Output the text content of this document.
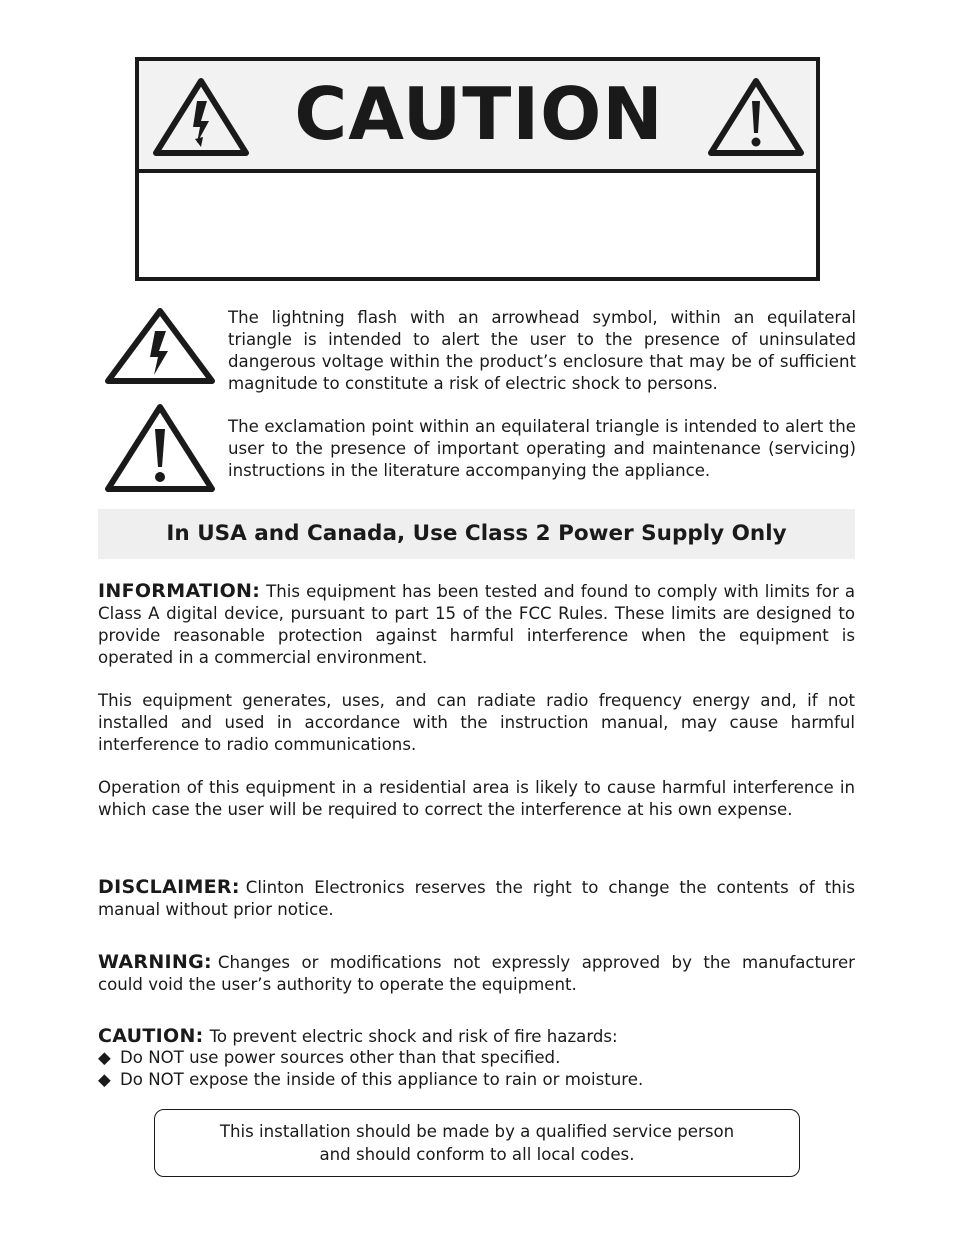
CAUTION
The lightning flash with an arrowhead symbol, within an equilateral triangle is intended to alert the user to the presence of uninsulated dangerous voltage within the product’s enclosure that may be of sufficient magnitude to constitute a risk of electric shock to persons.
The exclamation point within an equilateral triangle is intended to alert the user to the presence of important operating and maintenance (servicing) instructions in the literature accompanying the appliance.
In USA and Canada, Use Class 2 Power Supply Only
INFORMATION: This equipment has been tested and found to comply with limits for a Class A digital device, pursuant to part 15 of the FCC Rules. These limits are designed to provide reasonable protection against harmful interference when the equipment is operated in a commercial environment.
This equipment generates, uses, and can radiate radio frequency energy and, if not installed and used in accordance with the instruction manual, may cause harmful interference to radio communications.
Operation of this equipment in a residential area is likely to cause harmful interference in which case the user will be required to correct the interference at his own expense.
DISCLAIMER: Clinton Electronics reserves the right to change the contents of this manual without prior notice.
WARNING: Changes or modifications not expressly approved by the manufacturer could void the user’s authority to operate the equipment.
CAUTION: To prevent electric shock and risk of fire hazards:
◆ Do NOT use power sources other than that specified.
◆ Do NOT expose the inside of this appliance to rain or moisture.
This installation should be made by a qualified service person
and should conform to all local codes.
